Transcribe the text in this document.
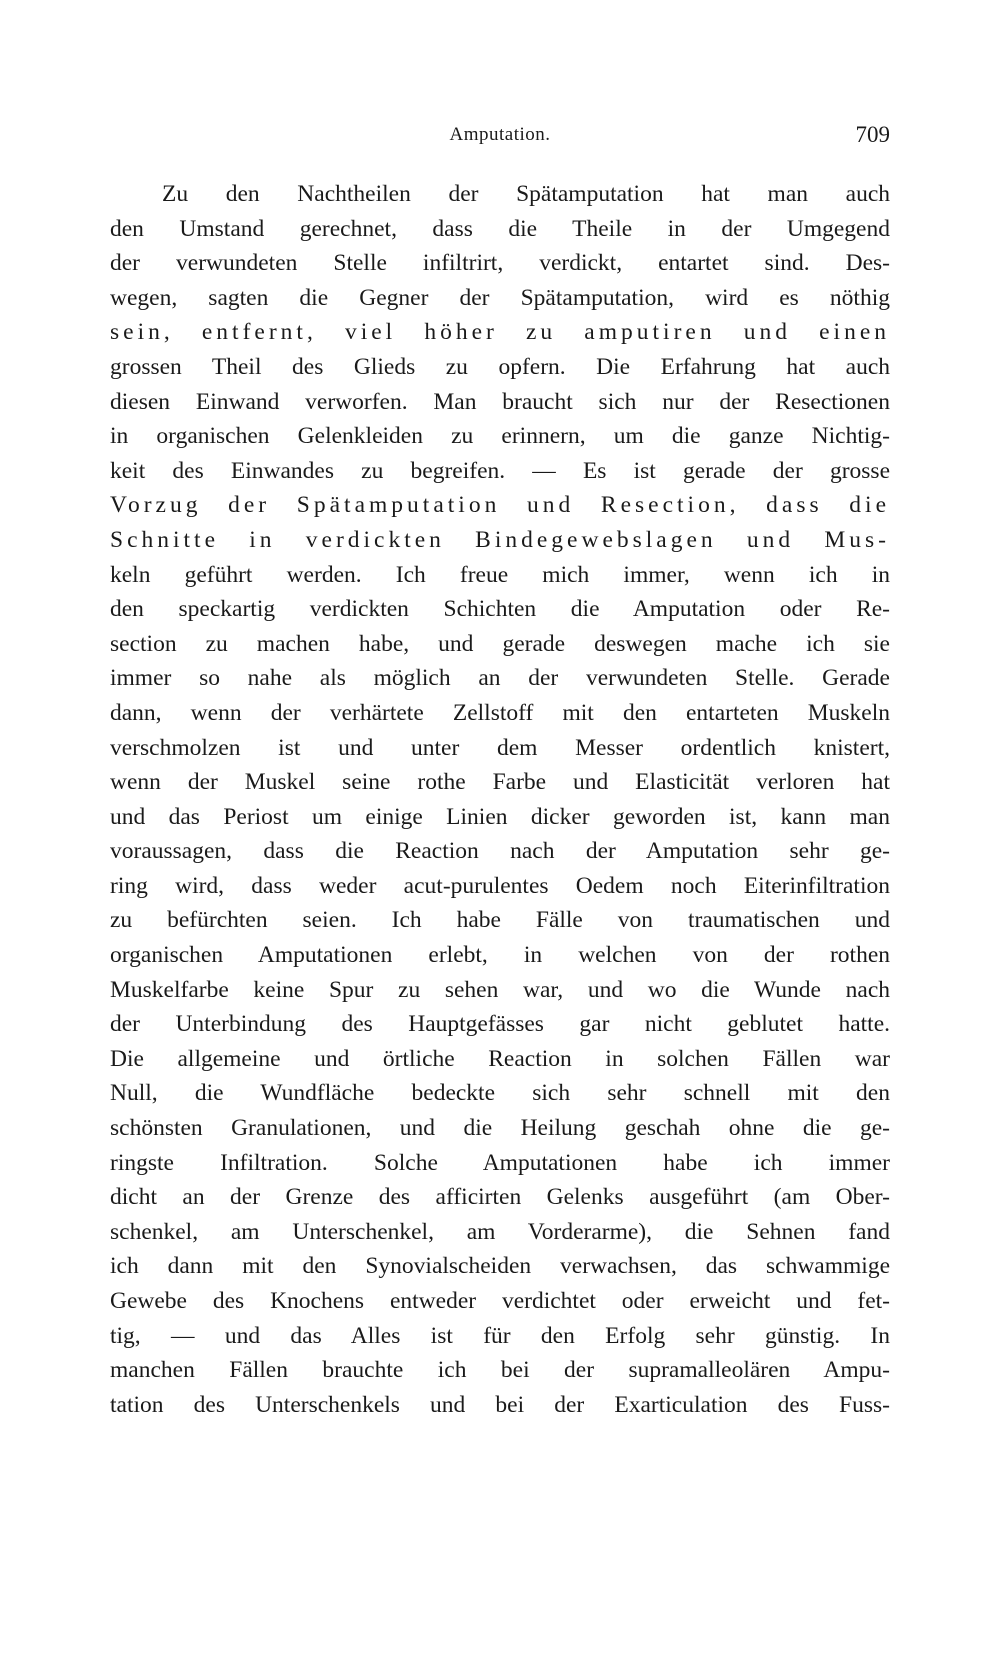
Amputation.	709
Zu den Nachtheilen der Spätamputation hat man auch
den Umstand gerechnet, dass die Theile in der Umgegend
der verwundeten Stelle infiltrirt, verdickt, entartet sind. Des-
wegen, sagten die Gegner der Spätamputation, wird es nöthig
sein, entfernt, viel höher zu amputiren und einen
grossen Theil des Glieds zu opfern. Die Erfahrung hat auch
diesen Einwand verworfen. Man braucht sich nur der Resectionen
in organischen Gelenkleiden zu erinnern, um die ganze Nichtig-
keit des Einwandes zu begreifen. — Es ist gerade der grosse
Vorzug der Spätamputation und Resection, dass die
Schnitte in verdickten Bindegewebslagen und Mus-
keln geführt werden. Ich freue mich immer, wenn ich in
den speckartig verdickten Schichten die Amputation oder Re-
section zu machen habe, und gerade deswegen mache ich sie
immer so nahe als möglich an der verwundeten Stelle. Gerade
dann, wenn der verhärtete Zellstoff mit den entarteten Muskeln
verschmolzen ist und unter dem Messer ordentlich knistert,
wenn der Muskel seine rothe Farbe und Elasticität verloren hat
und das Periost um einige Linien dicker geworden ist, kann man
voraussagen, dass die Reaction nach der Amputation sehr ge-
ring wird, dass weder acut-purulentes Oedem noch Eiterinfiltration
zu befürchten seien. Ich habe Fälle von traumatischen und
organischen Amputationen erlebt, in welchen von der rothen
Muskelfarbe keine Spur zu sehen war, und wo die Wunde nach
der Unterbindung des Hauptgefässes gar nicht geblutet hatte.
Die allgemeine und örtliche Reaction in solchen Fällen war
Null, die Wundfläche bedeckte sich sehr schnell mit den
schönsten Granulationen, und die Heilung geschah ohne die ge-
ringste Infiltration. Solche Amputationen habe ich immer
dicht an der Grenze des afficirten Gelenks ausgeführt (am Ober-
schenkel, am Unterschenkel, am Vorderarme), die Sehnen fand
ich dann mit den Synovialscheiden verwachsen, das schwammige
Gewebe des Knochens entweder verdichtet oder erweicht und fet-
tig, — und das Alles ist für den Erfolg sehr günstig. In
manchen Fällen brauchte ich bei der supramalleolären Ampu-
tation des Unterschenkels und bei der Exarticulation des Fuss-
